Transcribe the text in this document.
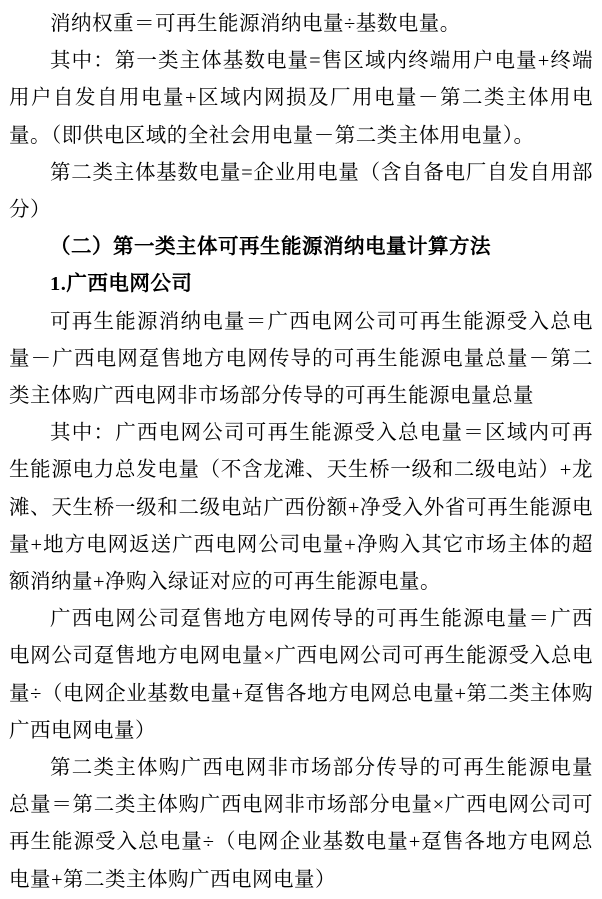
消纳权重＝可再生能源消纳电量÷基数电量。

其中：第一类主体基数电量=售区域内终端用户电量+终端用户自发自用电量+区域内网损及厂用电量－第二类主体用电量。（即供电区域的全社会用电量－第二类主体用电量）。

第二类主体基数电量=企业用电量（含自备电厂自发自用部分）

（二）第一类主体可再生能源消纳电量计算方法

1.广西电网公司

可再生能源消纳电量＝广西电网公司可再生能源受入总电量－广西电网趸售地方电网传导的可再生能源电量总量－第二类主体购广西电网非市场部分传导的可再生能源电量总量

其中：广西电网公司可再生能源受入总电量＝区域内可再生能源电力总发电量（不含龙滩、天生桥一级和二级电站）+龙滩、天生桥一级和二级电站广西份额+净受入外省可再生能源电量+地方电网返送广西电网公司电量+净购入其它市场主体的超额消纳量+净购入绿证对应的可再生能源电量。

广西电网公司趸售地方电网传导的可再生能源电量＝广西电网公司趸售地方电网电量×广西电网公司可再生能源受入总电量÷（电网企业基数电量+趸售各地方电网总电量+第二类主体购广西电网电量）

第二类主体购广西电网非市场部分传导的可再生能源电量总量＝第二类主体购广西电网非市场部分电量×广西电网公司可再生能源受入总电量÷（电网企业基数电量+趸售各地方电网总电量+第二类主体购广西电网电量）
